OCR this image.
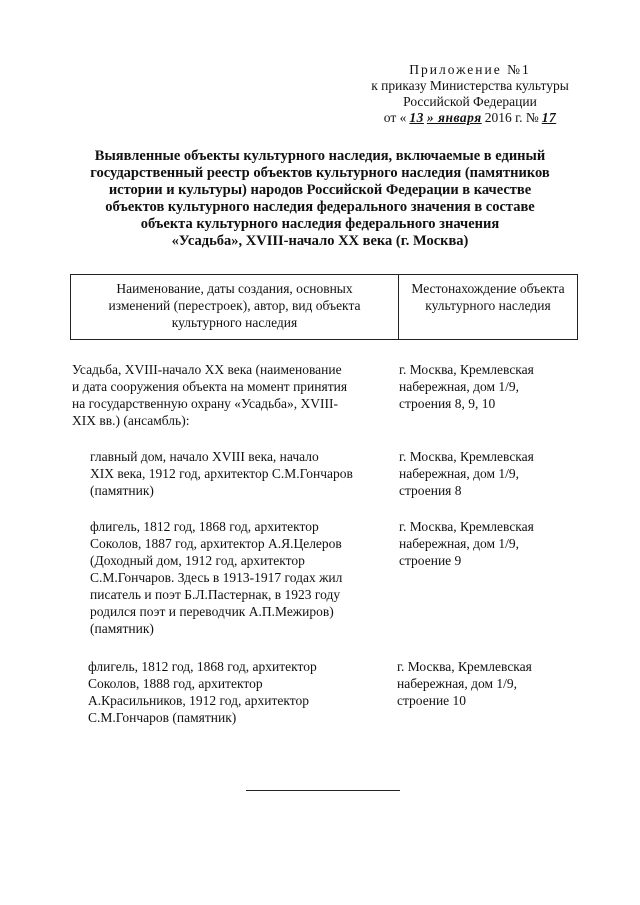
Приложение №1
к приказу Министерства культуры
Российской Федерации
от « 13 » января 2016 г. № 17
Выявленные объекты культурного наследия, включаемые в единый
государственный реестр объектов культурного наследия (памятников
истории и культуры) народов Российской Федерации в качестве
объектов культурного наследия федерального значения в составе
объекта культурного наследия федерального значения
«Усадьба», XVIII-начало XX века (г. Москва)
Наименование, даты создания, основных
изменений (перестроек), автор, вид объекта
культурного наследия
Местонахождение объекта
культурного наследия
Усадьба, XVIII-начало XX века (наименование
и дата сооружения объекта на момент принятия
на государственную охрану «Усадьба», XVIII-
XIX вв.) (ансамбль):
г. Москва, Кремлевская
набережная, дом 1/9,
строения 8, 9, 10
главный дом, начало XVIII века, начало
XIX века, 1912 год, архитектор С.М.Гончаров
(памятник)
г. Москва, Кремлевская
набережная, дом 1/9,
строения 8
флигель, 1812 год, 1868 год, архитектор
Соколов, 1887 год, архитектор А.Я.Целеров
(Доходный дом, 1912 год, архитектор
С.М.Гончаров. Здесь в 1913-1917 годах жил
писатель и поэт Б.Л.Пастернак, в 1923 году
родился поэт и переводчик А.П.Межиров)
(памятник)
г. Москва, Кремлевская
набережная, дом 1/9,
строение 9
флигель, 1812 год, 1868 год, архитектор
Соколов, 1888 год, архитектор
А.Красильников, 1912 год, архитектор
С.М.Гончаров (памятник)
г. Москва, Кремлевская
набережная, дом 1/9,
строение 10
